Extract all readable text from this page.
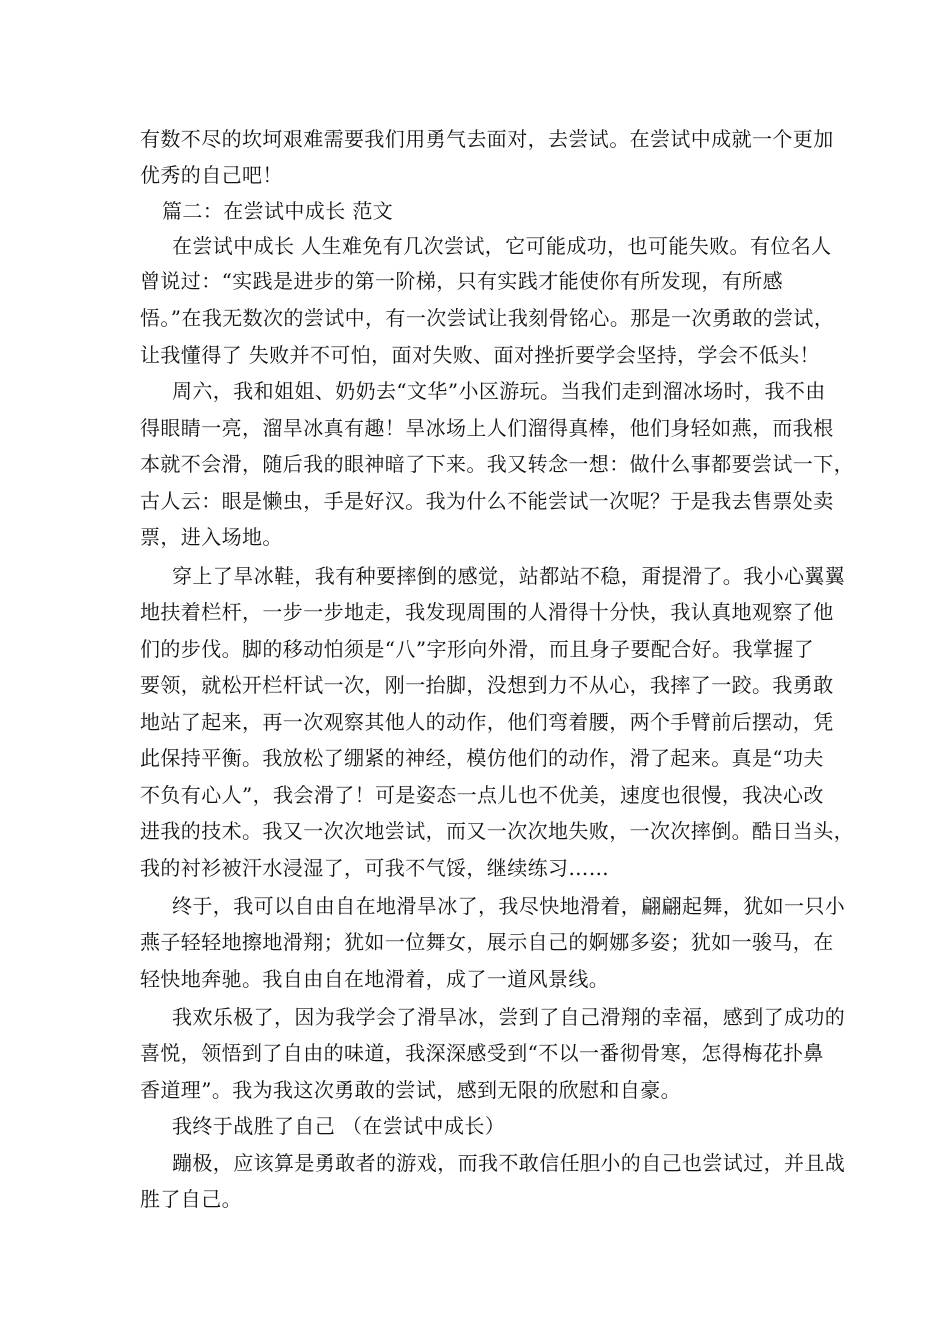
有数不尽的坎坷艰难需要我们用勇气去面对，去尝试。在尝试中成就一个更加
优秀的自己吧！
篇二：在尝试中成长 范文
在尝试中成长 人生难免有几次尝试，它可能成功，也可能失败。有位名人
曾说过：“实践是进步的第一阶梯，只有实践才能使你有所发现，有所感
悟。”在我无数次的尝试中，有一次尝试让我刻骨铭心。那是一次勇敢的尝试，
让我懂得了 失败并不可怕，面对失败、面对挫折要学会坚持，学会不低头！
周六，我和姐姐、奶奶去“文华”小区游玩。当我们走到溜冰场时，我不由
得眼睛一亮，溜旱冰真有趣！旱冰场上人们溜得真棒，他们身轻如燕，而我根
本就不会滑，随后我的眼神暗了下来。我又转念一想：做什么事都要尝试一下，
古人云：眼是懒虫，手是好汉。我为什么不能尝试一次呢？于是我去售票处卖
票，进入场地。
穿上了旱冰鞋，我有种要摔倒的感觉，站都站不稳，甭提滑了。我小心翼翼
地扶着栏杆，一步一步地走，我发现周围的人滑得十分快，我认真地观察了他
们的步伐。脚的移动怕须是“八”字形向外滑，而且身子要配合好。我掌握了
要领，就松开栏杆试一次，刚一抬脚，没想到力不从心，我摔了一跤。我勇敢
地站了起来，再一次观察其他人的动作，他们弯着腰，两个手臂前后摆动，凭
此保持平衡。我放松了绷紧的神经，模仿他们的动作，滑了起来。真是“功夫
不负有心人”，我会滑了！可是姿态一点儿也不优美，速度也很慢，我决心改
进我的技术。我又一次次地尝试，而又一次次地失败，一次次摔倒。酷日当头，
我的衬衫被汗水浸湿了，可我不气馁，继续练习……
终于，我可以自由自在地滑旱冰了，我尽快地滑着，翩翩起舞，犹如一只小
燕子轻轻地擦地滑翔；犹如一位舞女，展示自己的婀娜多姿；犹如一骏马，在
轻快地奔驰。我自由自在地滑着，成了一道风景线。
我欢乐极了，因为我学会了滑旱冰，尝到了自己滑翔的幸福，感到了成功的
喜悦，领悟到了自由的味道，我深深感受到“不以一番彻骨寒，怎得梅花扑鼻
香道理”。我为我这次勇敢的尝试，感到无限的欣慰和自豪。
我终于战胜了自己 （在尝试中成长）
蹦极，应该算是勇敢者的游戏，而我不敢信任胆小的自己也尝试过，并且战
胜了自己。
